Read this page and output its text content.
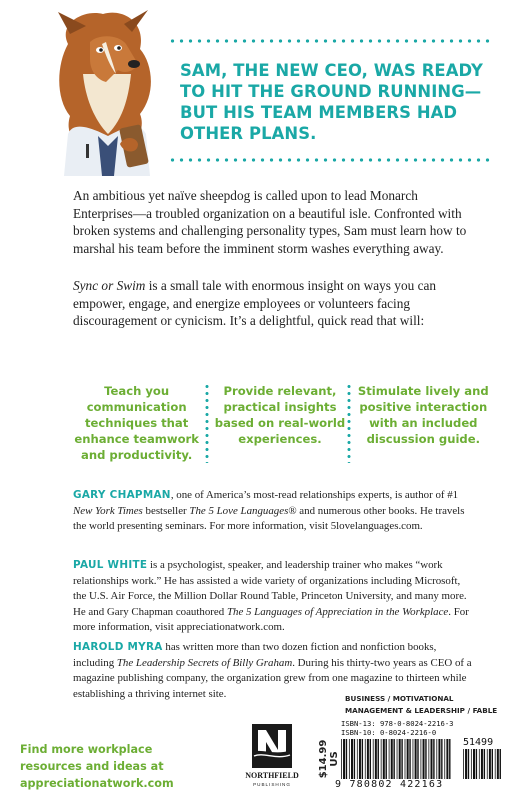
SAM, THE NEW CEO, WAS READY TO HIT THE GROUND RUNNING— BUT HIS TEAM MEMBERS HAD OTHER PLANS.

An ambitious yet naïve sheepdog is called upon to lead Monarch Enterprises—a troubled organization on a beautiful isle. Confronted with broken systems and challenging personality types, Sam must learn how to marshal his team before the imminent storm washes everything away.

Sync or Swim is a small tale with enormous insight on ways you can empower, engage, and energize employees or volunteers facing discouragement or cynicism. It’s a delightful, quick read that will:

Teach you communication techniques that enhance teamwork and productivity.
Provide relevant, practical insights based on real-world experiences.
Stimulate lively and positive interaction with an included discussion guide.

GARY CHAPMAN, one of America’s most-read relationships experts, is author of #1 New York Times bestseller The 5 Love Languages® and numerous other books. He travels the world presenting seminars. For more information, visit 5lovelanguages.com.

PAUL WHITE is a psychologist, speaker, and leadership trainer who makes “work relationships work.” He has assisted a wide variety of organizations including Microsoft, the U.S. Air Force, the Million Dollar Round Table, Princeton University, and many more. He and Gary Chapman coauthored The 5 Languages of Appreciation in the Workplace. For more information, visit appreciationatwork.com.

HAROLD MYRA has written more than two dozen fiction and nonfiction books, including The Leadership Secrets of Billy Graham. During his thirty-two years as CEO of a magazine publishing company, the organization grew from one magazine to thirteen while establishing a thriving internet site.	BUSINESS / MOTIVATIONAL MANAGEMENT & LEADERSHIP / FABLE

Find more workplace
resources and ideas at
appreciationatwork.com

NORTHFIELD
PUBLISHING
$14.99 US

ISBN-13: 978-0-8024-2216-3

ISBN-10: 0-8024-2216-0

51499

9 780802 422163
